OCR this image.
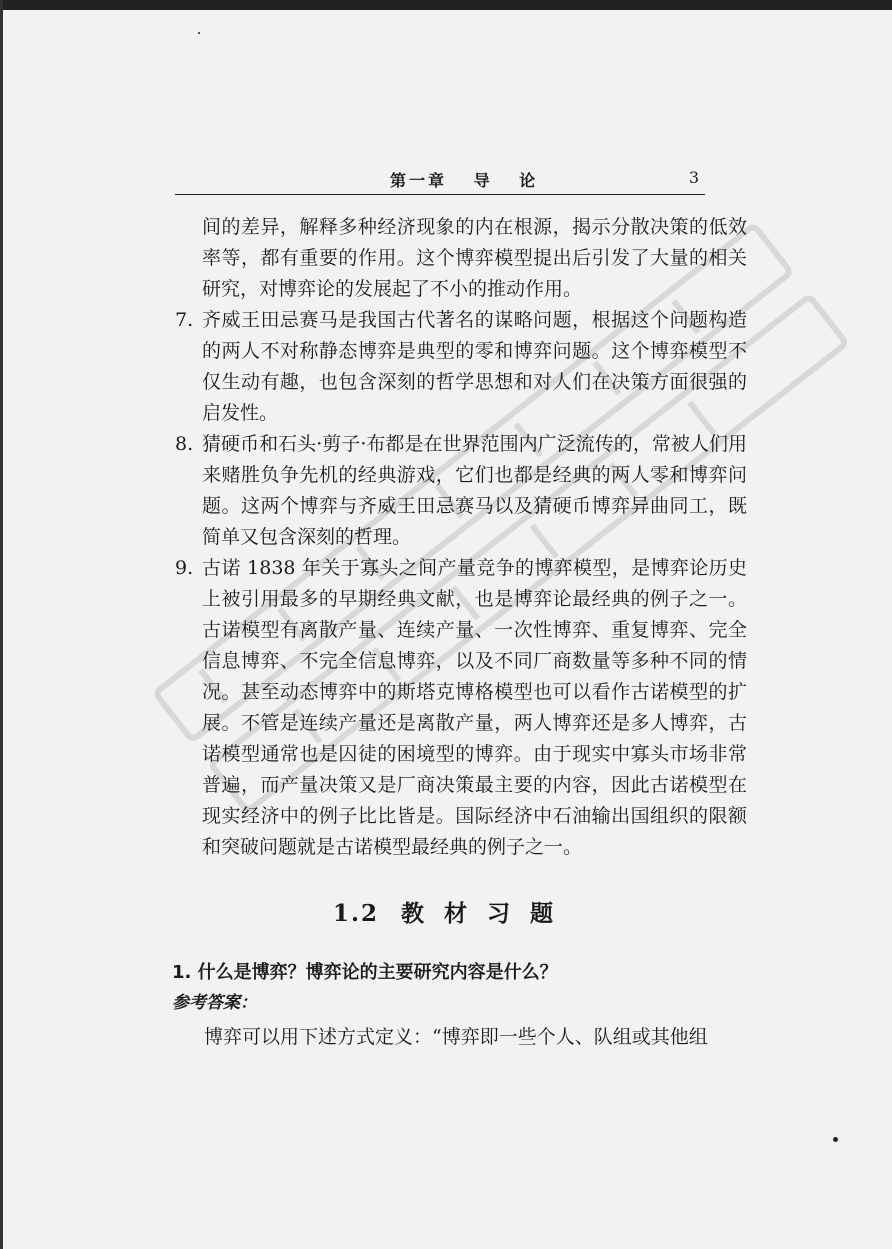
第一章 导 论	3

间的差异，解释多种经济现象的内在根源，揭示分散决策的低效率等，都有重要的作用。这个博弈模型提出后引发了大量的相关研究，对博弈论的发展起了不小的推动作用。

7. 齐威王田忌赛马是我国古代著名的谋略问题，根据这个问题构造的两人不对称静态博弈是典型的零和博弈问题。这个博弈模型不仅生动有趣，也包含深刻的哲学思想和对人们在决策方面很强的启发性。
8. 猜硬币和石头·剪子·布都是在世界范围内广泛流传的，常被人们用来赌胜负争先机的经典游戏，它们也都是经典的两人零和博弈问题。这两个博弈与齐威王田忌赛马以及猜硬币博弈异曲同工，既简单又包含深刻的哲理。
9. 古诺 1838 年关于寡头之间产量竞争的博弈模型，是博弈论历史上被引用最多的早期经典文献，也是博弈论最经典的例子之一。古诺模型有离散产量、连续产量、一次性博弈、重复博弈、完全信息博弈、不完全信息博弈，以及不同厂商数量等多种不同的情况。甚至动态博弈中的斯塔克博格模型也可以看作古诺模型的扩展。不管是连续产量还是离散产量，两人博弈还是多人博弈，古诺模型通常也是囚徒的困境型的博弈。由于现实中寡头市场非常普遍，而产量决策又是厂商决策最主要的内容，因此古诺模型在现实经济中的例子比比皆是。国际经济中石油输出国组织的限额和突破问题就是古诺模型最经典的例子之一。
1.2 教 材 习 题
1. 什么是博弈？博弈论的主要研究内容是什么？
参考答案：
博弈可以用下述方式定义：“博弈即一些个人、队组或其他组
